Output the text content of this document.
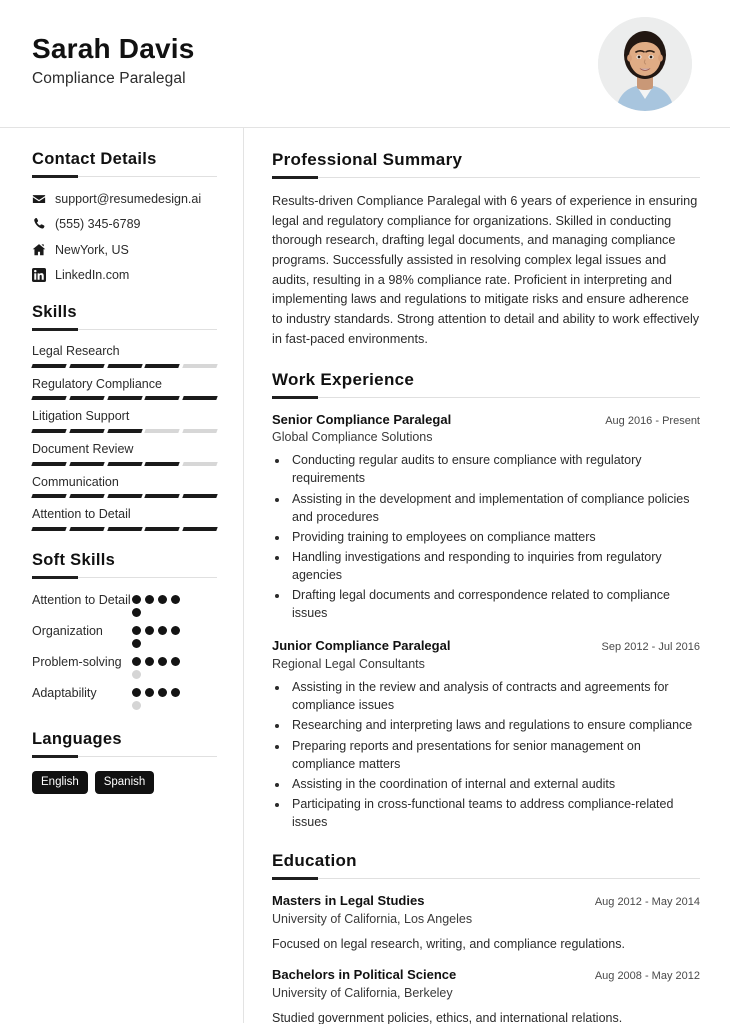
Sarah Davis
Compliance Paralegal
Contact Details
support@resumedesign.ai
(555) 345-6789
NewYork, US
LinkedIn.com
Skills
Legal Research
Regulatory Compliance
Litigation Support
Document Review
Communication
Attention to Detail
Soft Skills
Attention to Detail
Organization
Problem-solving
Adaptability
Languages
English	Spanish
Professional Summary

Results-driven Compliance Paralegal with 6 years of experience in ensuring legal and regulatory compliance for organizations. Skilled in conducting thorough research, drafting legal documents, and managing compliance programs. Successfully assisted in resolving complex legal issues and audits, resulting in a 98% compliance rate. Proficient in interpreting and implementing laws and regulations to mitigate risks and ensure adherence to industry standards. Strong attention to detail and ability to work effectively in fast-paced environments.

Work Experience
Senior Compliance Paralegal	Aug 2016 - Present
Global Compliance Solutions
• Conducting regular audits to ensure compliance with regulatory requirements
• Assisting in the development and implementation of compliance policies and procedures
• Providing training to employees on compliance matters
• Handling investigations and responding to inquiries from regulatory agencies
• Drafting legal documents and correspondence related to compliance issues
Junior Compliance Paralegal	Sep 2012 - Jul 2016
Regional Legal Consultants
• Assisting in the review and analysis of contracts and agreements for compliance issues
• Researching and interpreting laws and regulations to ensure compliance
• Preparing reports and presentations for senior management on compliance matters
• Assisting in the coordination of internal and external audits
• Participating in cross-functional teams to address compliance-related issues
Education
Masters in Legal Studies	Aug 2012 - May 2014
University of California, Los Angeles
Focused on legal research, writing, and compliance regulations.
Bachelors in Political Science	Aug 2008 - May 2012
University of California, Berkeley
Studied government policies, ethics, and international relations.
